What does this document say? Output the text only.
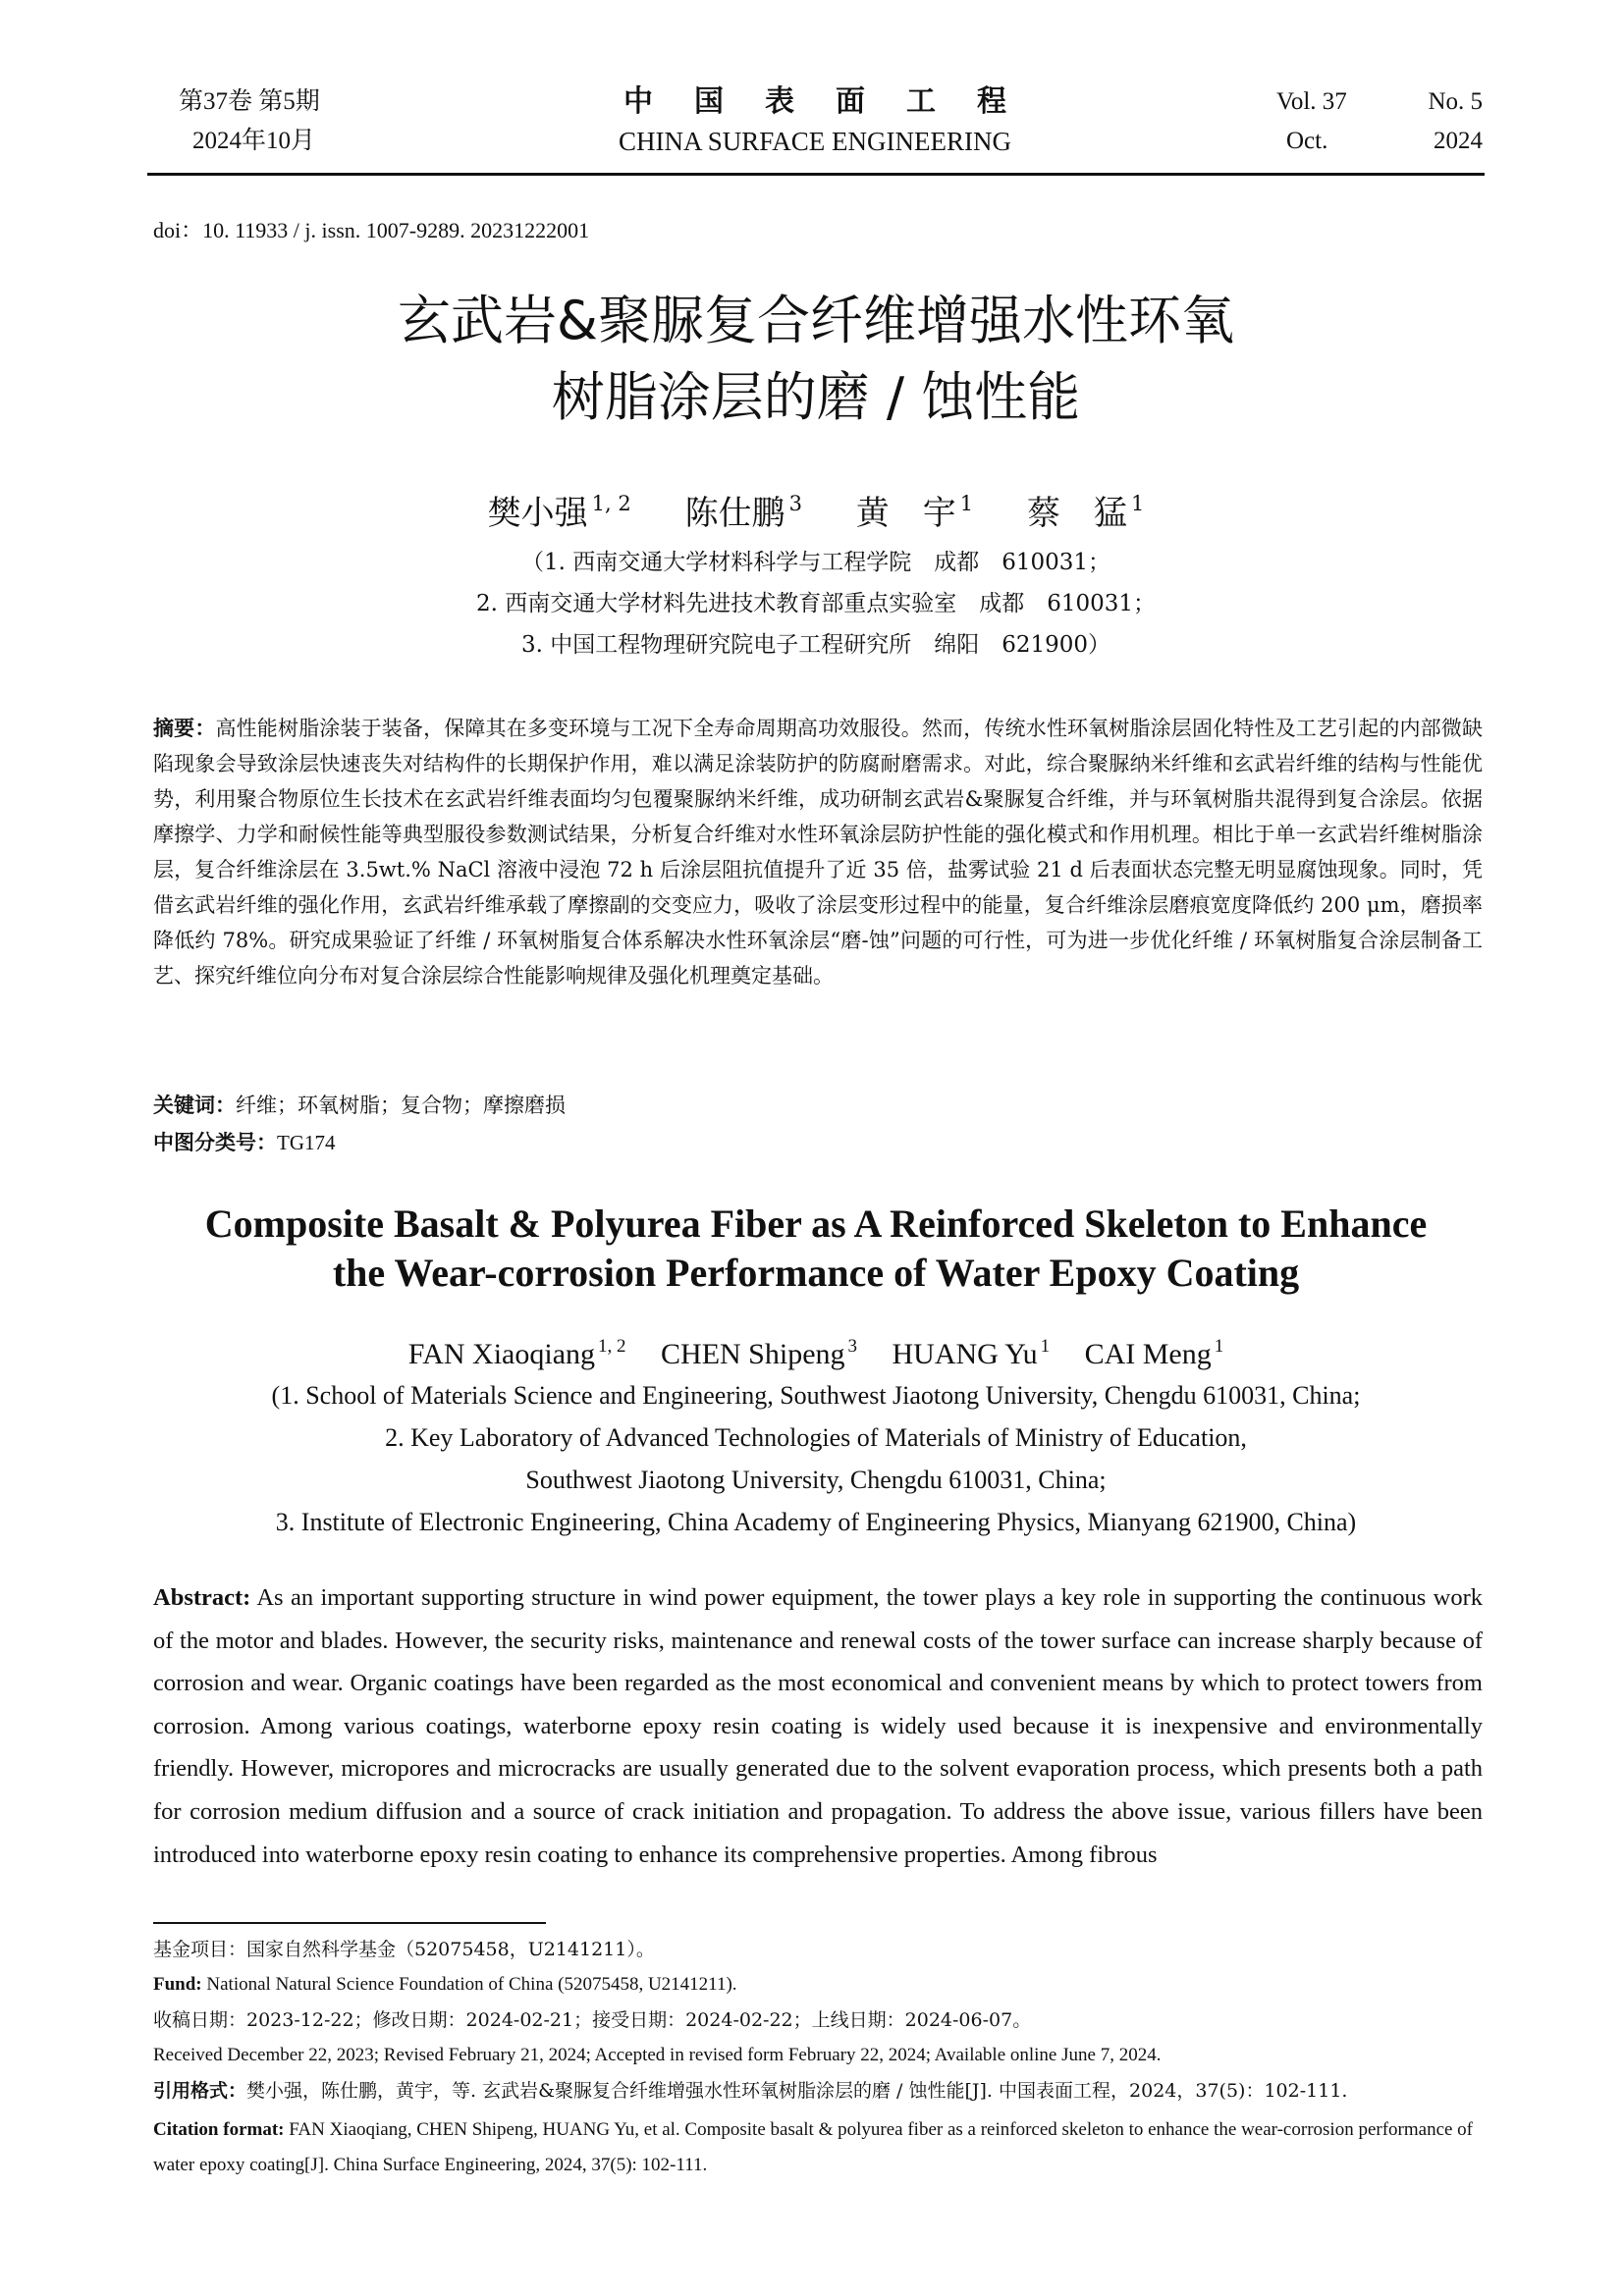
第37卷 第5期
2024年10月
中国表面工程
CHINA SURFACE ENGINEERING
Vol. 37	No. 5
Oct.	2024
doi：10. 11933 / j. issn. 1007-9289. 20231222001
玄武岩&聚脲复合纤维增强水性环氧
树脂涂层的磨 / 蚀性能
樊小强 $^{1, 2}$ 陈仕鹏 $^3$ 黄　宇 $^1$ 蔡　猛 $^1$
（1. 西南交通大学材料科学与工程学院　成都　610031；
2. 西南交通大学材料先进技术教育部重点实验室　成都　610031；
3. 中国工程物理研究院电子工程研究所　绵阳　621900）
摘要：高性能树脂涂装于装备，保障其在多变环境与工况下全寿命周期高功效服役。然而，传统水性环氧树脂涂层固化特性及工艺引起的内部微缺陷现象会导致涂层快速丧失对结构件的长期保护作用，难以满足涂装防护的防腐耐磨需求。对此，综合聚脲纳米纤维和玄武岩纤维的结构与性能优势，利用聚合物原位生长技术在玄武岩纤维表面均匀包覆聚脲纳米纤维，成功研制玄武岩&聚脲复合纤维，并与环氧树脂共混得到复合涂层。依据摩擦学、力学和耐候性能等典型服役参数测试结果，分析复合纤维对水性环氧涂层防护性能的强化模式和作用机理。相比于单一玄武岩纤维树脂涂层，复合纤维涂层在 3.5wt.% NaCl 溶液中浸泡 72 h 后涂层阻抗值提升了近 35 倍，盐雾试验 21 d 后表面状态完整无明显腐蚀现象。同时，凭借玄武岩纤维的强化作用，玄武岩纤维承载了摩擦副的交变应力，吸收了涂层变形过程中的能量，复合纤维涂层磨痕宽度降低约 200 μm，磨损率降低约 78%。研究成果验证了纤维 / 环氧树脂复合体系解决水性环氧涂层“磨-蚀”问题的可行性，可为进一步优化纤维 / 环氧树脂复合涂层制备工艺、探究纤维位向分布对复合涂层综合性能影响规律及强化机理奠定基础。
关键词：纤维；环氧树脂；复合物；摩擦磨损
中图分类号：TG174
Composite Basalt & Polyurea Fiber as A Reinforced Skeleton to Enhance
the Wear-corrosion Performance of Water Epoxy Coating
FAN Xiaoqiang $^{1, 2}$ CHEN Shipeng $^3$ HUANG Yu $^1$ CAI Meng $^1$
(1. School of Materials Science and Engineering, Southwest Jiaotong University, Chengdu 610031, China;
2. Key Laboratory of Advanced Technologies of Materials of Ministry of Education, Southwest Jiaotong University, Chengdu 610031, China;
3. Institute of Electronic Engineering, China Academy of Engineering Physics, Mianyang 621900, China)
Abstract: As an important supporting structure in wind power equipment, the tower plays a key role in supporting the continuous work of the motor and blades. However, the security risks, maintenance and renewal costs of the tower surface can increase sharply because of corrosion and wear. Organic coatings have been regarded as the most economical and convenient means by which to protect towers from corrosion. Among various coatings, waterborne epoxy resin coating is widely used because it is inexpensive and environmentally friendly. However, micropores and microcracks are usually generated due to the solvent evaporation process, which presents both a path for corrosion medium diffusion and a source of crack initiation and propagation. To address the above issue, various fillers have been introduced into waterborne epoxy resin coating to enhance its comprehensive properties. Among fibrous
基金项目：国家自然科学基金（52075458，U2141211）。
Fund: National Natural Science Foundation of China (52075458, U2141211).
收稿日期：2023-12-22；修改日期：2024-02-21；接受日期：2024-02-22；上线日期：2024-06-07。
Received December 22, 2023; Revised February 21, 2024; Accepted in revised form February 22, 2024; Available online June 7, 2024.
引用格式：樊小强，陈仕鹏，黄宇，等. 玄武岩&聚脲复合纤维增强水性环氧树脂涂层的磨 / 蚀性能[J]. 中国表面工程，2024，37(5)：102-111.
Citation format: FAN Xiaoqiang, CHEN Shipeng, HUANG Yu, et al. Composite basalt & polyurea fiber as a reinforced skeleton to enhance the wear-corrosion performance of water epoxy coating[J]. China Surface Engineering, 2024, 37(5): 102-111.
